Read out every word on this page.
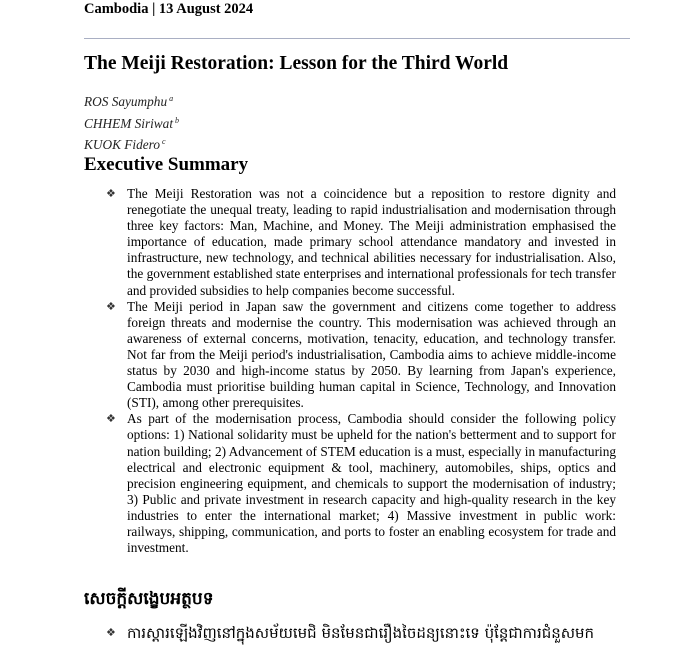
Cambodia | 13 August 2024
The Meiji Restoration: Lesson for the Third World
ROS Sayumphu $^a$
CHHEM Siriwat $^b$
KUOK Fidero $^c$
Executive Summary
❖ The Meiji Restoration was not a coincidence but a reposition to restore dignity and renegotiate the unequal treaty, leading to rapid industrialisation and modernisation through three key factors: Man, Machine, and Money. The Meiji administration emphasised the importance of education, made primary school attendance mandatory and invested in infrastructure, new technology, and technical abilities necessary for industrialisation. Also, the government established state enterprises and international professionals for tech transfer and provided subsidies to help companies become successful.
❖ The Meiji period in Japan saw the government and citizens come together to address foreign threats and modernise the country. This modernisation was achieved through an awareness of external concerns, motivation, tenacity, education, and technology transfer. Not far from the Meiji period's industrialisation, Cambodia aims to achieve middle-income status by 2030 and high-income status by 2050. By learning from Japan's experience, Cambodia must prioritise building human capital in Science, Technology, and Innovation (STI), among other prerequisites.
❖ As part of the modernisation process, Cambodia should consider the following policy options: 1) National solidarity must be upheld for the nation's betterment and to support for nation building; 2) Advancement of STEM education is a must, especially in manufacturing electrical and electronic equipment & tool, machinery, automobiles, ships, optics and precision engineering equipment, and chemicals to support the modernisation of industry; 3) Public and private investment in research capacity and high-quality research in the key industries to enter the international market; 4) Massive investment in public work: railways, shipping, communication, and ports to foster an enabling ecosystem for trade and investment.
សេចក្តីសង្ខេបអត្ថបទ
❖ ការស្តារឡើងវិញនៅក្នុងសម័យមេជិ មិនមែនជារឿងចៃដន្យនោះទេ ប៉ុន្តែជាការជំនួសមក
